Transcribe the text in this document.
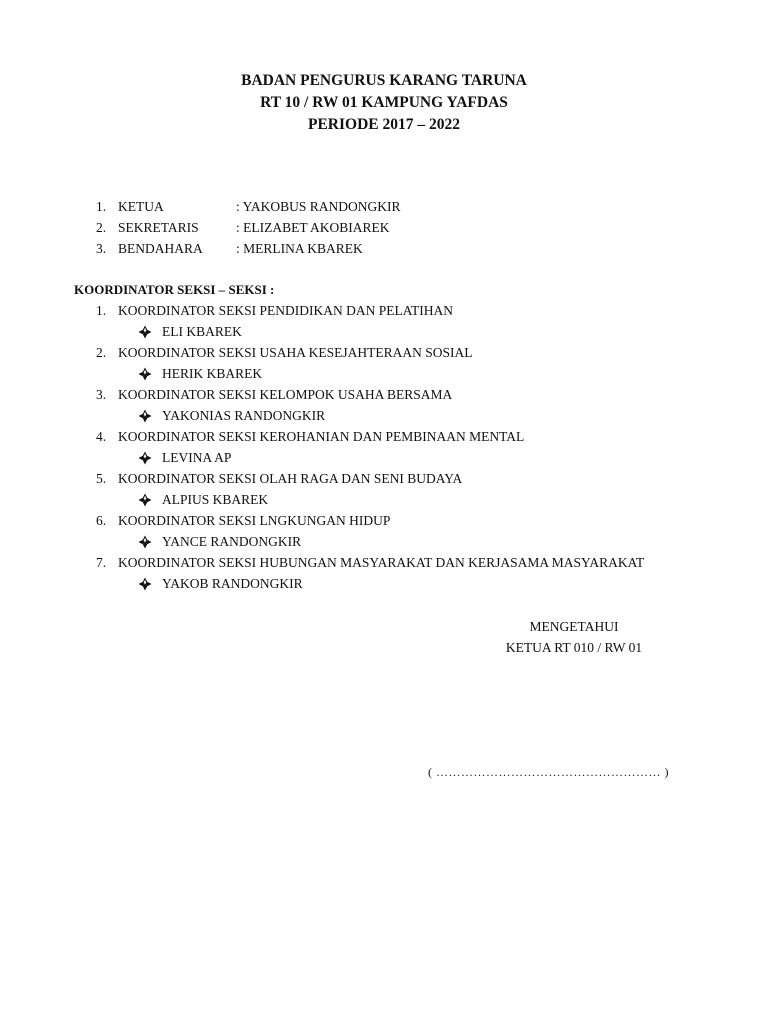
BADAN PENGURUS KARANG TARUNA
RT 10 / RW 01 KAMPUNG YAFDAS
PERIODE 2017 – 2022
1. KETUA	: YAKOBUS RANDONGKIR
2. SEKRETARIS	: ELIZABET AKOBIAREK
3. BENDAHARA	: MERLINA KBAREK
KOORDINATOR SEKSI – SEKSI :
1. KOORDINATOR SEKSI PENDIDIKAN DAN PELATIHAN
ELI KBAREK
2. KOORDINATOR SEKSI USAHA KESEJAHTERAAN SOSIAL
HERIK KBAREK
3. KOORDINATOR SEKSI KELOMPOK USAHA BERSAMA
YAKONIAS RANDONGKIR
4. KOORDINATOR SEKSI KEROHANIAN DAN PEMBINAAN MENTAL
LEVINA AP
5. KOORDINATOR SEKSI OLAH RAGA DAN SENI BUDAYA
ALPIUS KBAREK
6. KOORDINATOR SEKSI LNGKUNGAN HIDUP
YANCE RANDONGKIR
7. KOORDINATOR SEKSI HUBUNGAN MASYARAKAT DAN KERJASAMA MASYARAKAT
YAKOB RANDONGKIR
MENGETAHUI
KETUA RT 010 / RW 01
( ……………………………………………… )
